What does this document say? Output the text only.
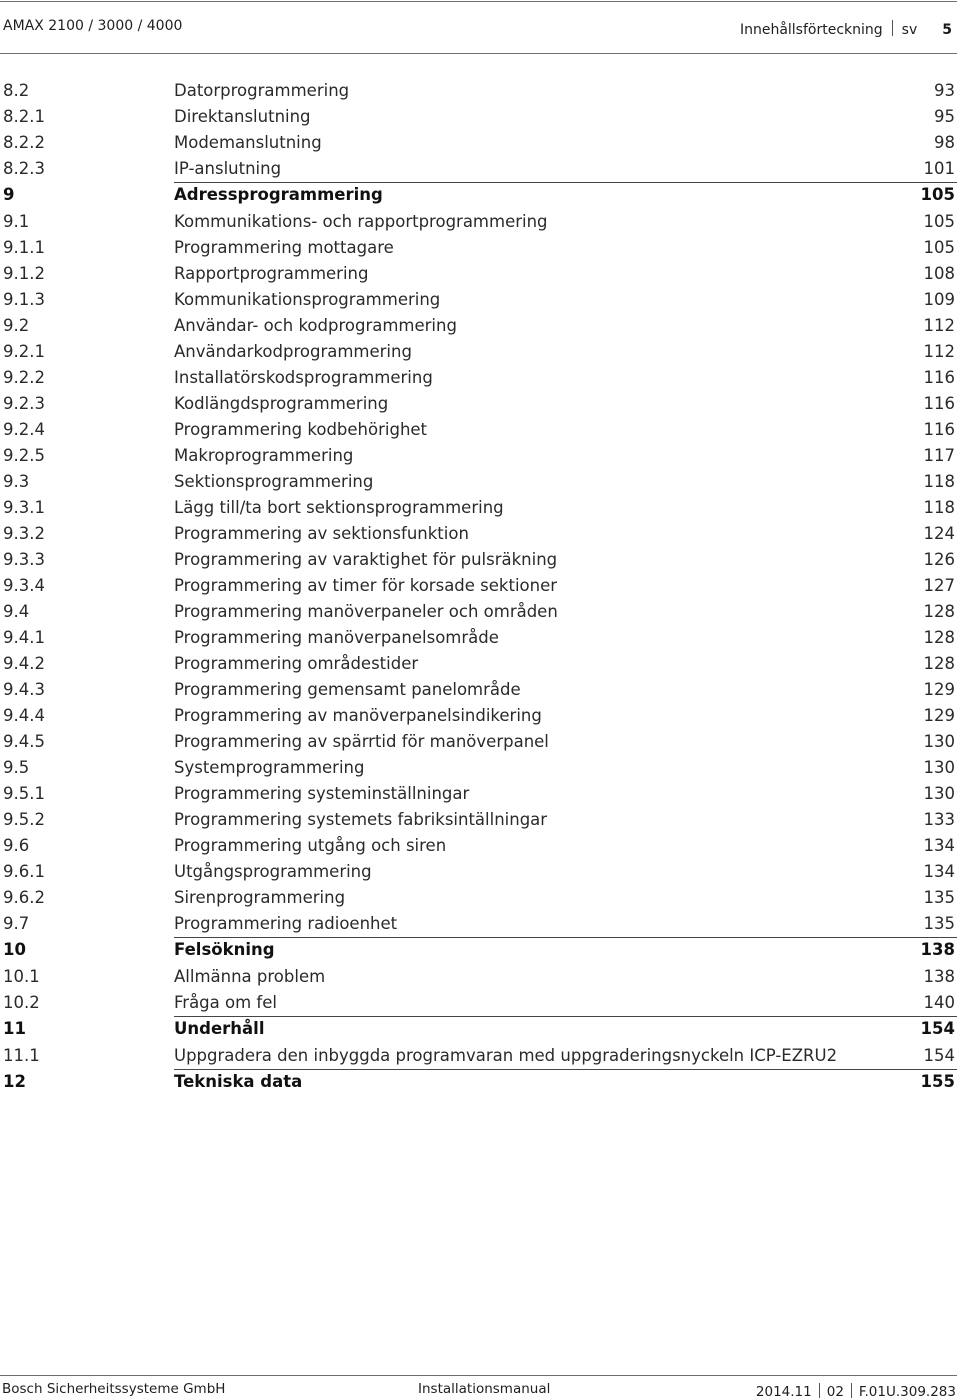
AMAX 2100 / 3000 / 4000	Innehållsförteckning sv 5
8.2	Datorprogrammering	93
8.2.1	Direktanslutning	95
8.2.2	Modemanslutning	98
8.2.3	IP-anslutning	101
9	Adressprogrammering	105
9.1	Kommunikations- och rapportprogrammering	105
9.1.1	Programmering mottagare	105
9.1.2	Rapportprogrammering	108
9.1.3	Kommunikationsprogrammering	109
9.2	Användar- och kodprogrammering	112
9.2.1	Användarkodprogrammering	112
9.2.2	Installatörskodsprogrammering	116
9.2.3	Kodlängdsprogrammering	116
9.2.4	Programmering kodbehörighet	116
9.2.5	Makroprogrammering	117
9.3	Sektionsprogrammering	118
9.3.1	Lägg till/ta bort sektionsprogrammering	118
9.3.2	Programmering av sektionsfunktion	124
9.3.3	Programmering av varaktighet för pulsräkning	126
9.3.4	Programmering av timer för korsade sektioner	127
9.4	Programmering manöverpaneler och områden	128
9.4.1	Programmering manöverpanelsområde	128
9.4.2	Programmering områdestider	128
9.4.3	Programmering gemensamt panelområde	129
9.4.4	Programmering av manöverpanelsindikering	129
9.4.5	Programmering av spärrtid för manöverpanel	130
9.5	Systemprogrammering	130
9.5.1	Programmering systeminställningar	130
9.5.2	Programmering systemets fabriksintällningar	133
9.6	Programmering utgång och siren	134
9.6.1	Utgångsprogrammering	134
9.6.2	Sirenprogrammering	135
9.7	Programmering radioenhet	135
10	Felsökning	138
10.1	Allmänna problem	138
10.2	Fråga om fel	140
11	Underhåll	154
11.1	Uppgradera den inbyggda programvaran med uppgraderingsnyckeln ICP-EZRU2	154
12	Tekniska data	155
Bosch Sicherheitssysteme GmbH	Installationsmanual	2014.11 02 F.01U.309.283
